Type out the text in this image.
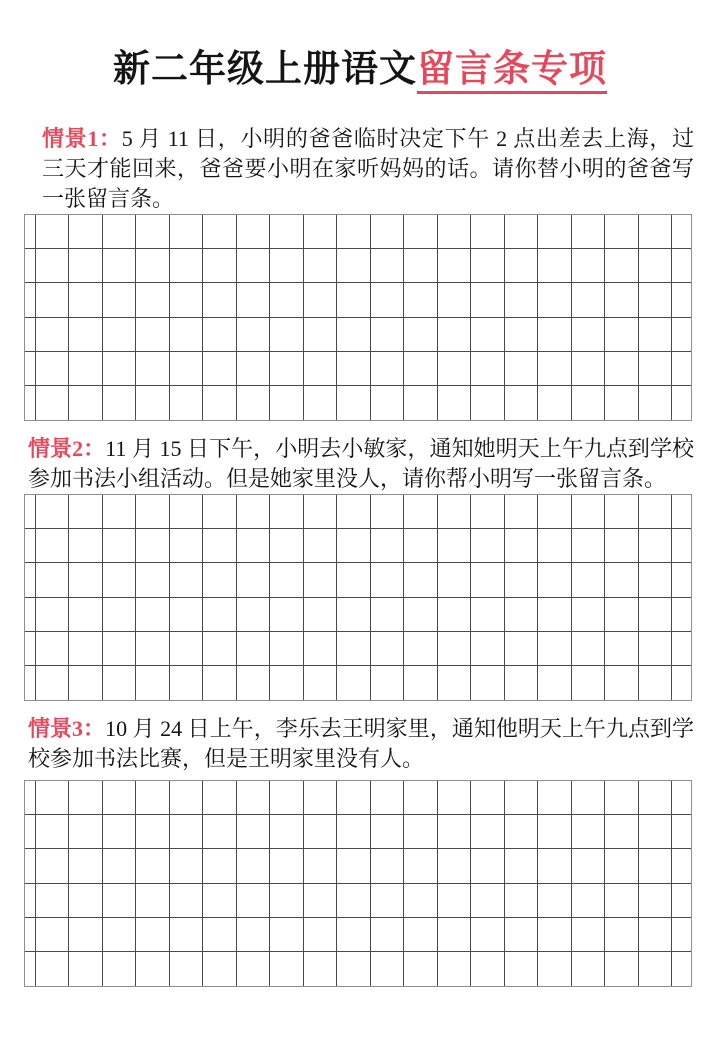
新二年级上册语文留言条专项

情景1：5 月 11 日，小明的爸爸临时决定下午 2 点出差去上海，过三天才能回来，爸爸要小明在家听妈妈的话。请你替小明的爸爸写一张留言条。

情景2：11 月 15 日下午，小明去小敏家，通知她明天上午九点到学校参加书法小组活动。但是她家里没人，请你帮小明写一张留言条。

情景3：10 月 24 日上午，李乐去王明家里，通知他明天上午九点到学校参加书法比赛，但是王明家里没有人。
